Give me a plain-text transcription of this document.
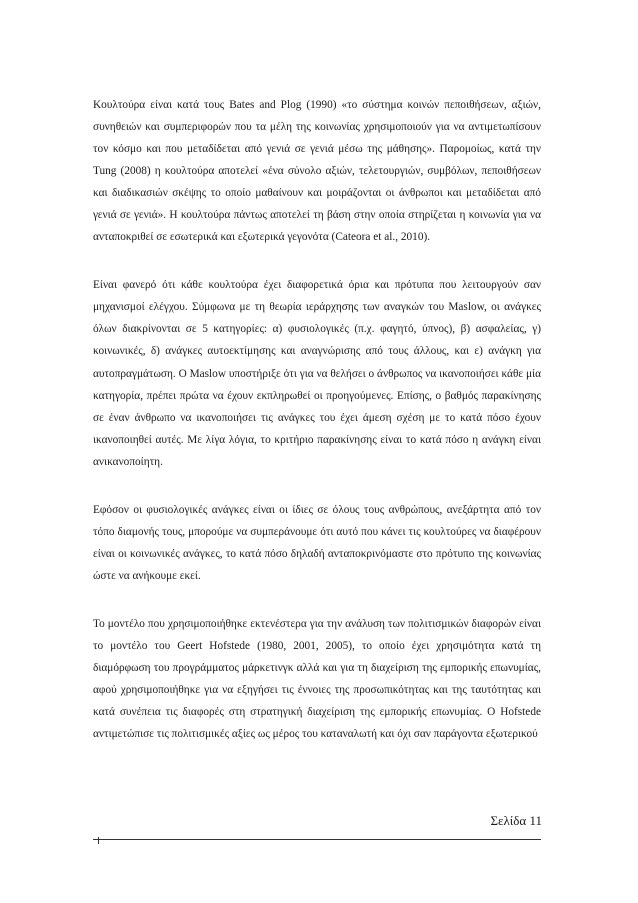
Κουλτούρα είναι κατά τους Bates and Plog (1990) «το σύστημα κοινών πεποιθήσεων, αξιών, συνηθειών και συμπεριφορών που τα μέλη της κοινωνίας χρησιμοποιούν για να αντιμετωπίσουν τον κόσμο και που μεταδίδεται από γενιά σε γενιά μέσω της μάθησης». Παρομοίως, κατά την Tung (2008) η κουλτούρα αποτελεί «ένα σύνολο αξιών, τελετουργιών, συμβόλων, πεποιθήσεων και διαδικασιών σκέψης το οποίο μαθαίνουν και μοιράζονται οι άνθρωποι και μεταδίδεται από γενιά σε γενιά». Η κουλτούρα πάντως αποτελεί τη βάση στην οποία στηρίζεται η κοινωνία για να ανταποκριθεί σε εσωτερικά και εξωτερικά γεγονότα (Cateora et al., 2010).

Είναι φανερό ότι κάθε κουλτούρα έχει διαφορετικά όρια και πρότυπα που λειτουργούν σαν μηχανισμοί ελέγχου. Σύμφωνα με τη θεωρία ιεράρχησης των αναγκών του Maslow, οι ανάγκες όλων διακρίνονται σε 5 κατηγορίες: α) φυσιολογικές (π.χ. φαγητό, ύπνος), β) ασφαλείας, γ) κοινωνικές, δ) ανάγκες αυτοεκτίμησης και αναγνώρισης από τους άλλους, και ε) ανάγκη για αυτοπραγμάτωση. Ο Maslow υποστήριξε ότι για να θελήσει ο άνθρωπος να ικανοποιήσει κάθε μία κατηγορία, πρέπει πρώτα να έχουν εκπληρωθεί οι προηγούμενες. Επίσης, ο βαθμός παρακίνησης σε έναν άνθρωπο να ικανοποιήσει τις ανάγκες του έχει άμεση σχέση με το κατά πόσο έχουν ικανοποιηθεί αυτές. Με λίγα λόγια, το κριτήριο παρακίνησης είναι το κατά πόσο η ανάγκη είναι ανικανοποίητη.

Εφόσον οι φυσιολογικές ανάγκες είναι οι ίδιες σε όλους τους ανθρώπους, ανεξάρτητα από τον τόπο διαμονής τους, μπορούμε να συμπεράνουμε ότι αυτό που κάνει τις κουλτούρες να διαφέρουν είναι οι κοινωνικές ανάγκες, το κατά πόσο δηλαδή ανταποκρινόμαστε στο πρότυπο της κοινωνίας ώστε να ανήκουμε εκεί.

Το μοντέλο που χρησιμοποιήθηκε εκτενέστερα για την ανάλυση των πολιτισμικών διαφορών είναι το μοντέλο του Geert Hofstede (1980, 2001, 2005), το οποίο έχει χρησιμότητα κατά τη διαμόρφωση του προγράμματος μάρκετινγκ αλλά και για τη διαχείριση της εμπορικής επωνυμίας, αφού χρησιμοποιήθηκε για να εξηγήσει τις έννοιες της προσωπικότητας και της ταυτότητας και κατά συνέπεια τις διαφορές στη στρατηγική διαχείριση της εμπορικής επωνυμίας. Ο Hofstede αντιμετώπισε τις πολιτισμικές αξίες ως μέρος του καταναλωτή και όχι σαν παράγοντα εξωτερικού

Σελίδα 11
